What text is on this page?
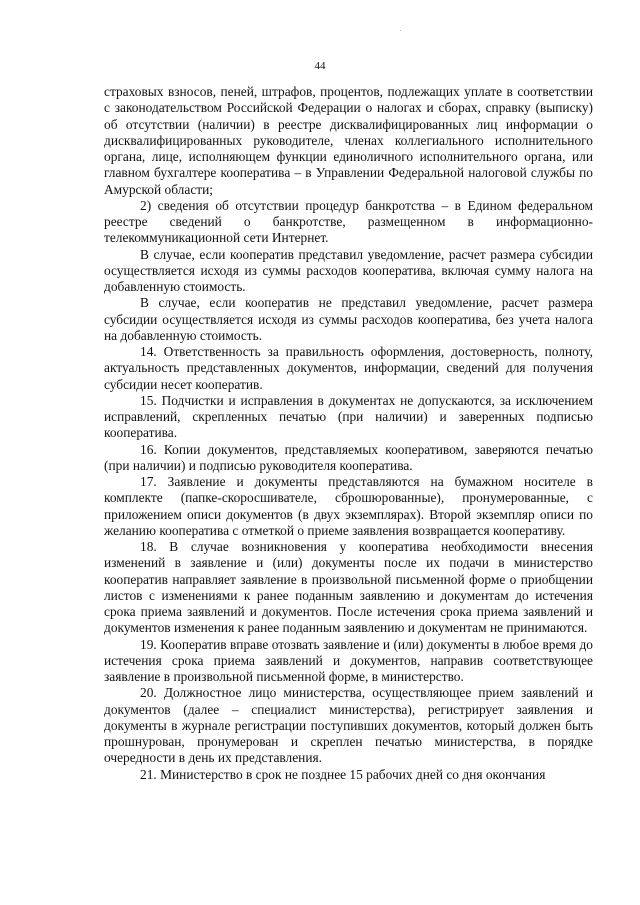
44

страховых взносов, пеней, штрафов, процентов, подлежащих уплате в соответствии с законодательством Российской Федерации о налогах и сборах, справку (выписку) об отсутствии (наличии) в реестре дисквалифицированных лиц информации о дисквалифицированных руководителе, членах коллегиального исполнительного органа, лице, исполняющем функции единоличного исполнительного органа, или главном бухгалтере кооператива – в Управлении Федеральной налоговой службы по Амурской области;

2) сведения об отсутствии процедур банкротства – в Едином федеральном реестре сведений о банкротстве, размещенном в информационно-телекоммуникационной сети Интернет.

В случае, если кооператив представил уведомление, расчет размера субсидии осуществляется исходя из суммы расходов кооператива, включая сумму налога на добавленную стоимость.

В случае, если кооператив не представил уведомление, расчет размера субсидии осуществляется исходя из суммы расходов кооператива, без учета налога на добавленную стоимость.

14. Ответственность за правильность оформления, достоверность, полноту, актуальность представленных документов, информации, сведений для получения субсидии несет кооператив.

15. Подчистки и исправления в документах не допускаются, за исключением исправлений, скрепленных печатью (при наличии) и заверенных подписью кооператива.

16. Копии документов, представляемых кооперативом, заверяются печатью (при наличии) и подписью руководителя кооператива.

17. Заявление и документы представляются на бумажном носителе в комплекте (папке-скоросшивателе, сброшюрованные), пронумерованные, с приложением описи документов (в двух экземплярах). Второй экземпляр описи по желанию кооператива с отметкой о приеме заявления возвращается кооперативу.

18. В случае возникновения у кооператива необходимости внесения изменений в заявление и (или) документы после их подачи в министерство кооператив направляет заявление в произвольной письменной форме о приобщении листов с изменениями к ранее поданным заявлению и документам до истечения срока приема заявлений и документов. После истечения срока приема заявлений и документов изменения к ранее поданным заявлению и документам не принимаются.

19. Кооператив вправе отозвать заявление и (или) документы в любое время до истечения срока приема заявлений и документов, направив соответствующее заявление в произвольной письменной форме, в министерство.

20. Должностное лицо министерства, осуществляющее прием заявлений и документов (далее – специалист министерства), регистрирует заявления и документы в журнале регистрации поступивших документов, который должен быть прошнурован, пронумерован и скреплен печатью министерства, в порядке очередности в день их представления.

21. Министерство в срок не позднее 15 рабочих дней со дня окончания
